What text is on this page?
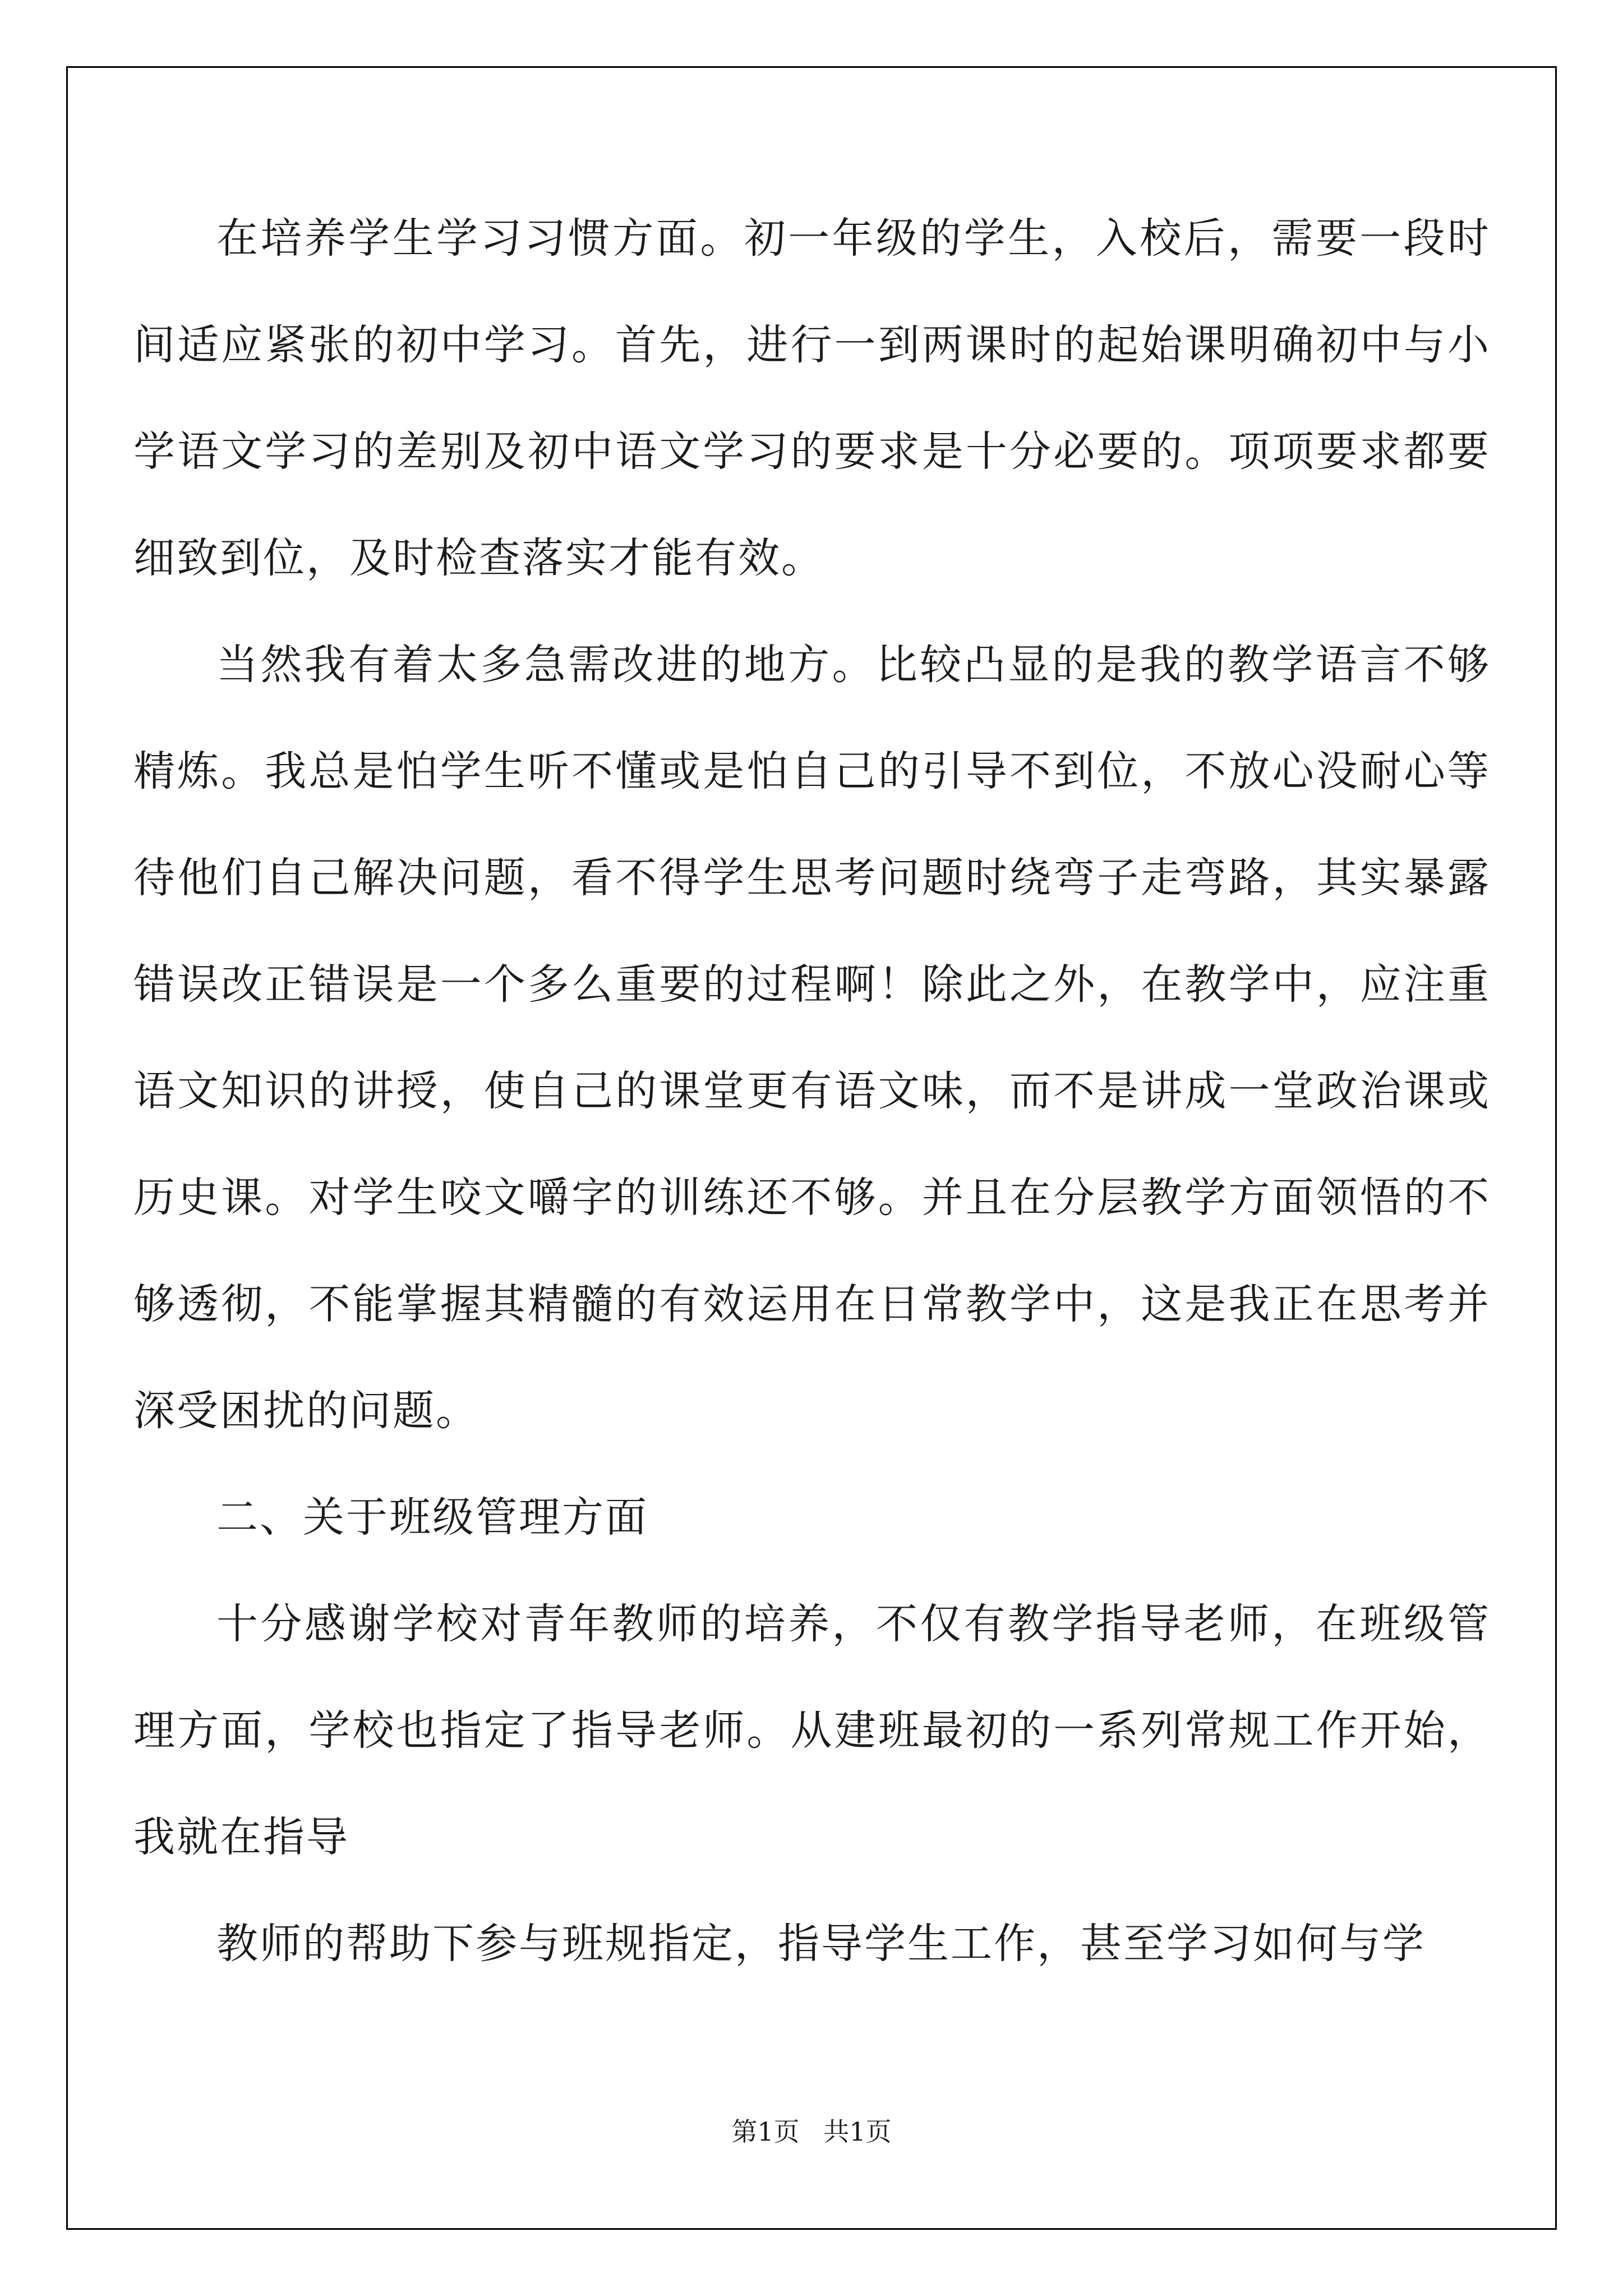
在培养学生学习习惯方面。初一年级的学生，入校后，需要一段时间适应紧张的初中学习。首先，进行一到两课时的起始课明确初中与小学语文学习的差别及初中语文学习的要求是十分必要的。项项要求都要细致到位，及时检查落实才能有效。

当然我有着太多急需改进的地方。比较凸显的是我的教学语言不够精炼。我总是怕学生听不懂或是怕自己的引导不到位，不放心没耐心等待他们自己解决问题，看不得学生思考问题时绕弯子走弯路，其实暴露错误改正错误是一个多么重要的过程啊！除此之外，在教学中，应注重语文知识的讲授，使自己的课堂更有语文味，而不是讲成一堂政治课或历史课。对学生咬文嚼字的训练还不够。并且在分层教学方面领悟的不够透彻，不能掌握其精髓的有效运用在日常教学中，这是我正在思考并深受困扰的问题。

二、关于班级管理方面

十分感谢学校对青年教师的培养，不仅有教学指导老师，在班级管理方面，学校也指定了指导老师。从建班最初的一系列常规工作开始，我就在指导

教师的帮助下参与班规指定，指导学生工作，甚至学习如何与学

第1页 共1页
